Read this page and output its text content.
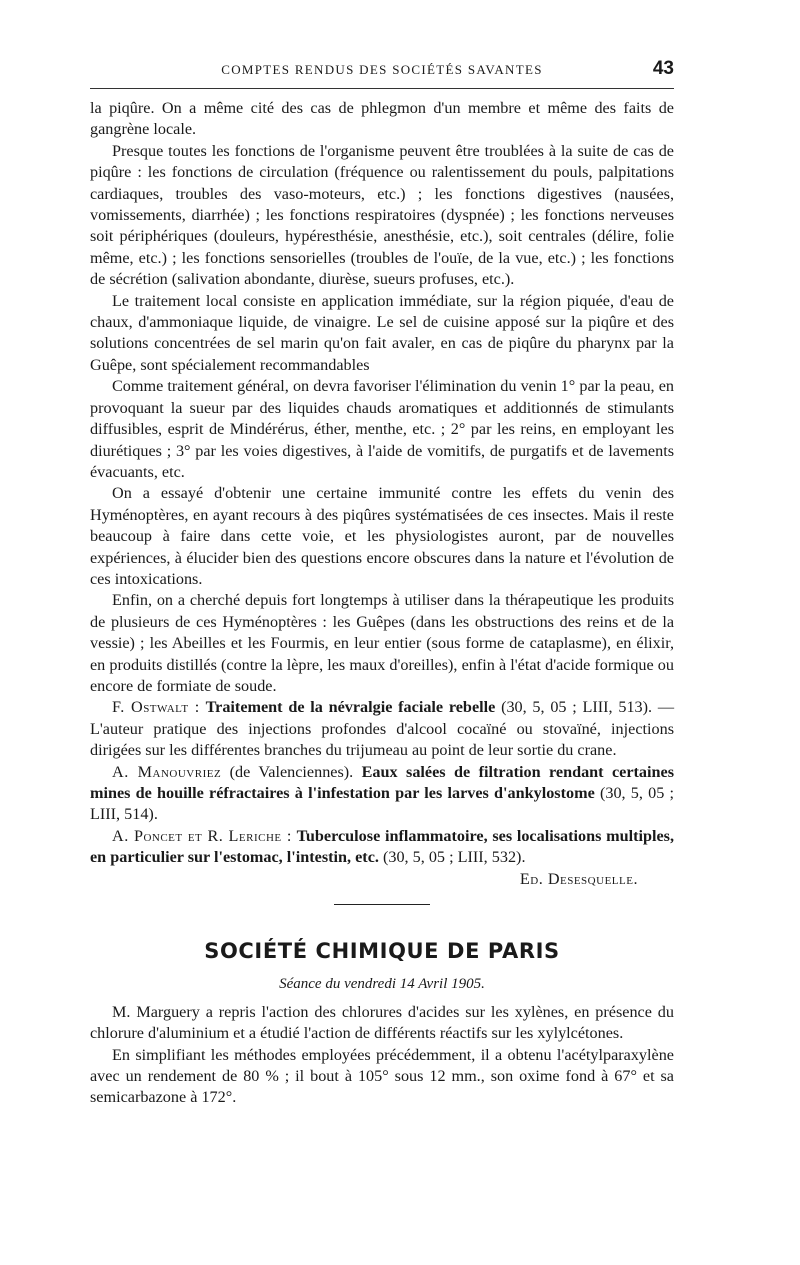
COMPTES RENDUS DES SOCIÉTÉS SAVANTES	43

la piqûre. On a même cité des cas de phlegmon d'un membre et même des faits de gangrène locale.

Presque toutes les fonctions de l'organisme peuvent être troublées à la suite de cas de piqûre : les fonctions de circulation (fréquence ou ralentissement du pouls, palpitations cardiaques, troubles des vaso-moteurs, etc.) ; les fonctions digestives (nausées, vomissements, diarrhée) ; les fonctions respiratoires (dyspnée) ; les fonctions nerveuses soit périphériques (douleurs, hypéresthésie, anesthésie, etc.), soit centrales (délire, folie même, etc.) ; les fonctions sensorielles (troubles de l'ouïe, de la vue, etc.) ; les fonctions de sécrétion (salivation abondante, diurèse, sueurs profuses, etc.).

Le traitement local consiste en application immédiate, sur la région piquée, d'eau de chaux, d'ammoniaque liquide, de vinaigre. Le sel de cuisine apposé sur la piqûre et des solutions concentrées de sel marin qu'on fait avaler, en cas de piqûre du pharynx par la Guêpe, sont spécialement recommandables

Comme traitement général, on devra favoriser l'élimination du venin 1° par la peau, en provoquant la sueur par des liquides chauds aromatiques et additionnés de stimulants diffusibles, esprit de Mindérérus, éther, menthe, etc. ; 2° par les reins, en employant les diurétiques ; 3° par les voies digestives, à l'aide de vomitifs, de purgatifs et de lavements évacuants, etc.

On a essayé d'obtenir une certaine immunité contre les effets du venin des Hyménoptères, en ayant recours à des piqûres systématisées de ces insectes. Mais il reste beaucoup à faire dans cette voie, et les physiologistes auront, par de nouvelles expériences, à élucider bien des questions encore obscures dans la nature et l'évolution de ces intoxications.

Enfin, on a cherché depuis fort longtemps à utiliser dans la thérapeutique les produits de plusieurs de ces Hyménoptères : les Guêpes (dans les obstructions des reins et de la vessie) ; les Abeilles et les Fourmis, en leur entier (sous forme de cataplasme), en élixir, en produits distillés (contre la lèpre, les maux d'oreilles), enfin à l'état d'acide formique ou encore de formiate de soude.

F. Ostwalt : Traitement de la névralgie faciale rebelle (30, 5, 05 ; LIII, 513). — L'auteur pratique des injections profondes d'alcool cocaïné ou stovaïné, injections dirigées sur les différentes branches du trijumeau au point de leur sortie du crane.

A. Manouvriez (de Valenciennes). Eaux salées de filtration rendant certaines mines de houille réfractaires à l'infestation par les larves d'ankylostome (30, 5, 05 ; LIII, 514).

A. Poncet et R. Leriche : Tuberculose inflammatoire, ses localisations multiples, en particulier sur l'estomac, l'intestin, etc. (30, 5, 05 ; LIII, 532).

Ed. Desesquelle.

SOCIÉTÉ CHIMIQUE DE PARIS
Séance du vendredi 14 Avril 1905.

M. Marguery a repris l'action des chlorures d'acides sur les xylènes, en présence du chlorure d'aluminium et a étudié l'action de différents réactifs sur les xylylcétones.

En simplifiant les méthodes employées précédemment, il a obtenu l'acétylparaxylène avec un rendement de 80 % ; il bout à 105° sous 12 mm., son oxime fond à 67° et sa semicarbazone à 172°.
